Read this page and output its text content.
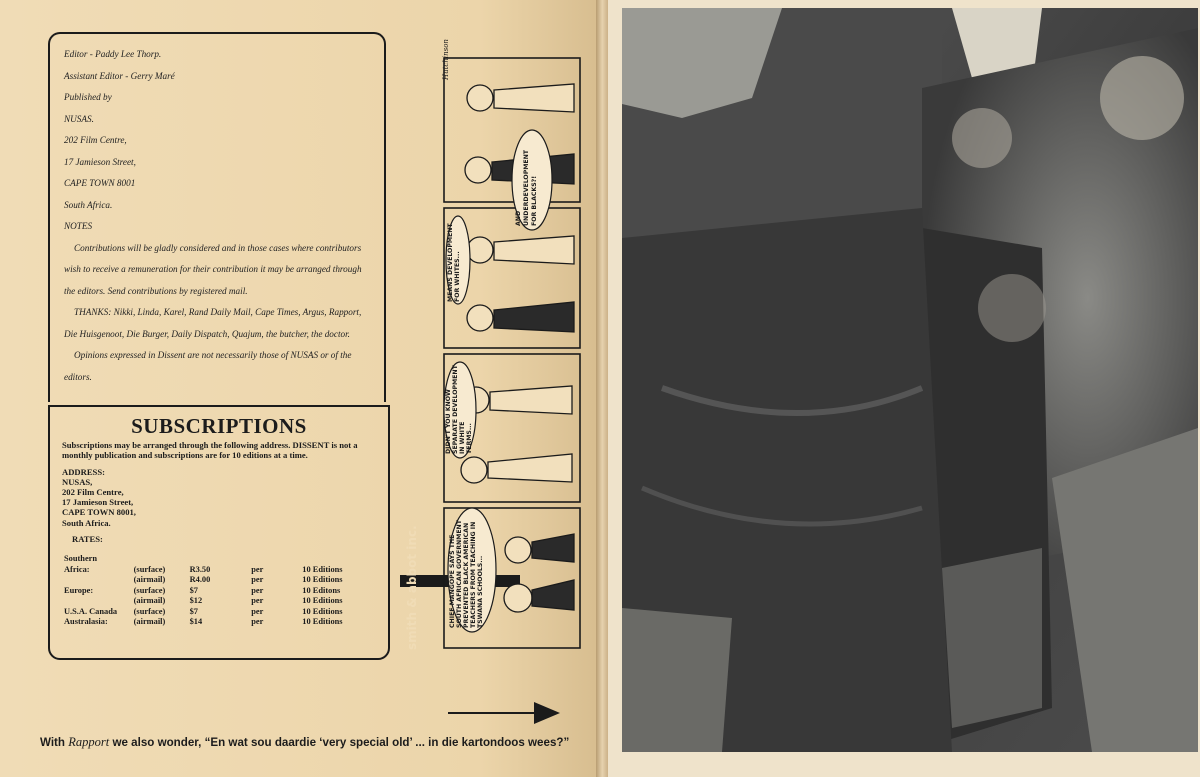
Editor - Paddy Lee Thorp.

Assistant Editor - Gerry Maré

Published by

NUSAS.

202 Film Centre,

17 Jamieson Street,

CAPE TOWN 8001

South Africa.

NOTES

Contributions will be gladly considered and in those cases where contributors wish to receive a remuneration for their contribution it may be arranged through the editors. Send contributions by registered mail.

THANKS: Nikki, Linda, Karel, Rand Daily Mail, Cape Times, Argus, Rapport, Die Huisgenoot, Die Burger, Daily Dispatch, Quajum, the butcher, the doctor.

Opinions expressed in Dissent are not necessarily those of NUSAS or of the editors.

SUBSCRIPTIONS

Subscriptions may be arranged through the following address. DISSENT is not a monthly publication and subscriptions are for 10 editions at a time.

ADDRESS:
NUSAS,
202 Film Centre,
17 Jamieson Street,
CAPE TOWN 8001,
South Africa.
RATES:
Southern				
Africa:	(surface)	R3.50	per	10 Editions
	(airmail)	R4.00	per	10 Editions
Europe:	(surface)	$7	per	10 Editons
	(airmail)	$12	per	10 Editions
U.S.A. Canada	(surface)	$7	per	10 Editions
Australasia:	(airmail)	$14	per	10 Editions	smith & abbot inc.	CHIEF MANGOPE SAYS THE SOUTH AFRICAN GOVERNMENT PREVENTED BLACK AMERICAN TEACHERS FROM TEACHING IN TSWANA SCHOOLS...
DIDN'T YOU KNOW SEPARATE DEVELOPMENT IN WHITE TERMS...
MEANS DEVELOPMENT FOR WHITES...
AND UNDERDEVELOPMENT FOR BLACKS?!
Hutchinson
With Rapport we also wonder, “En wat sou daardie ‘very special old’ ... in die kartondoos wees?”
